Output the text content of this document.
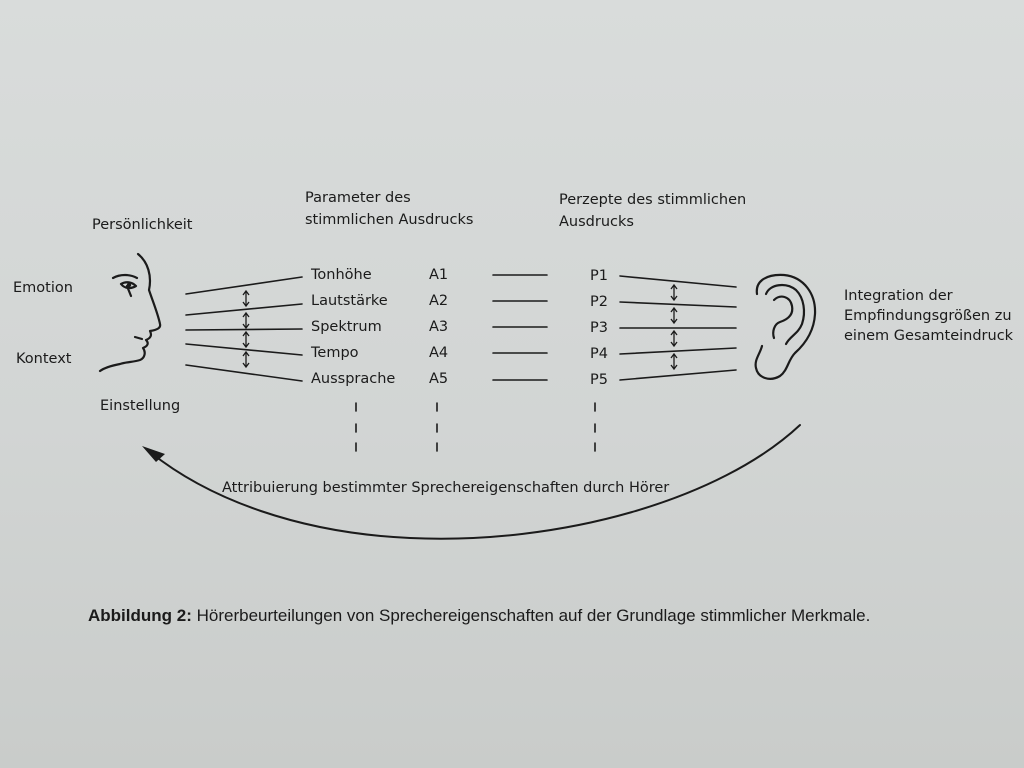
Persönlichkeit
Parameter des
stimmlichen Ausdrucks
Perzepte des stimmlichen
Ausdrucks
Emotion
Kontext
Einstellung
Tonhöhe
Lautstärke
Spektrum
Tempo
Aussprache
A1
A2
A3
A4
A5
P1
P2
P3
P4
P5
Integration der
Empfindungsgrößen zu
einem Gesamteindruck
Attribuierung bestimmter Sprechereigenschaften durch Hörer
Abbildung 2: Hörerbeurteilungen von Sprechereigenschaften auf der Grundlage stimmlicher Merkmale.
